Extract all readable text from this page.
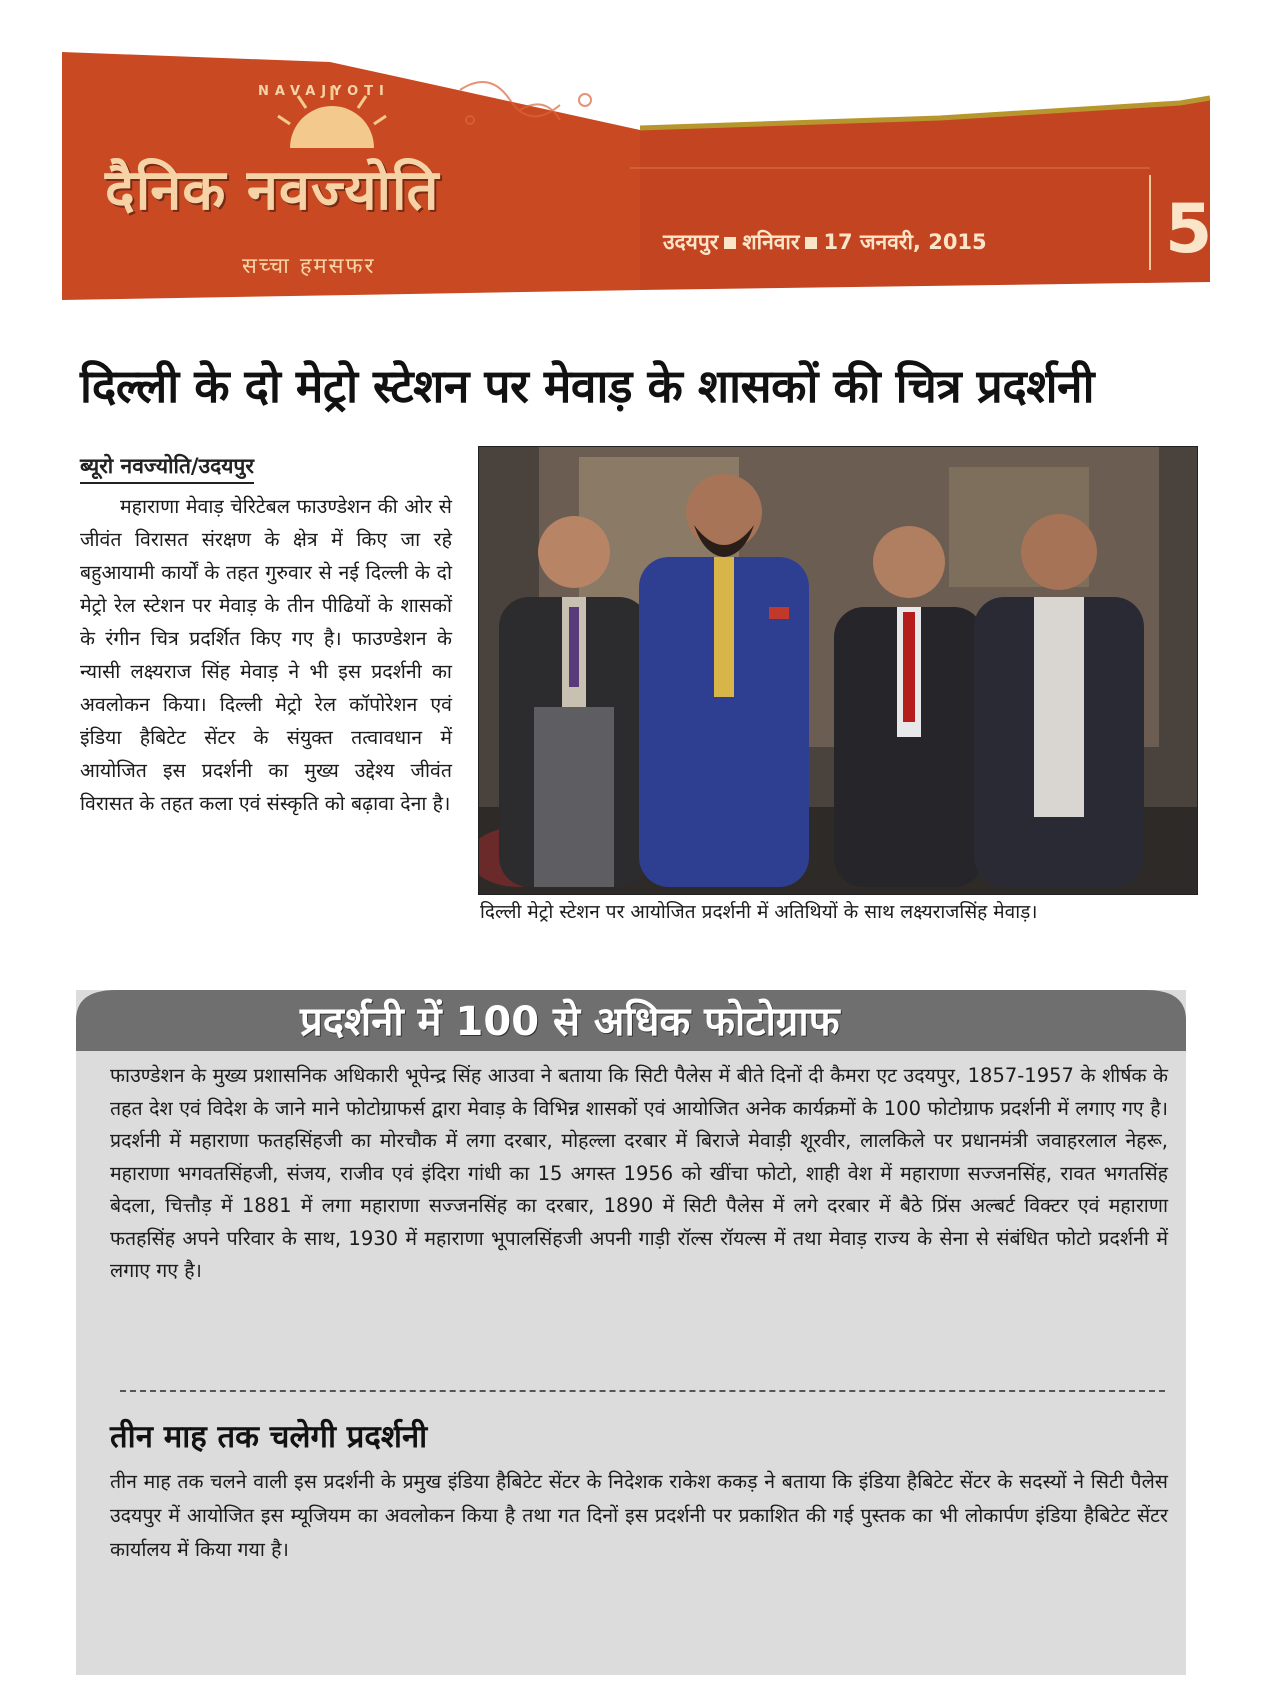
NAVAJYOTI
दैनिक नवज्योति
सच्चा हमसफर
उदयपुर शनिवार 17 जनवरी, 2015	5
दिल्ली के दो मेट्रो स्टेशन पर मेवाड़ के शासकों की चित्र प्रदर्शनी
ब्यूरो नवज्योति/उदयपुर
महाराणा मेवाड़ चेरिटेबल फाउण्डेशन की ओर से जीवंत विरासत संरक्षण के क्षेत्र में किए जा रहे बहुआयामी कार्यों के तहत गुरुवार से नई दिल्ली के दो मेट्रो रेल स्टेशन पर मेवाड़ के तीन पीढियों के शासकों के रंगीन चित्र प्रदर्शित किए गए है। फाउण्डेशन के न्यासी लक्ष्यराज सिंह मेवाड़ ने भी इस प्रदर्शनी का अवलोकन किया। दिल्ली मेट्रो रेल कॉपोरेशन एवं इंडिया हैबिटेट सेंटर के संयुक्त तत्वावधान में आयोजित इस प्रदर्शनी का मुख्य उद्देश्य जीवंत विरासत के तहत कला एवं संस्कृति को बढ़ावा देना है।
दिल्ली मेट्रो स्टेशन पर आयोजित प्रदर्शनी में अतिथियों के साथ लक्ष्यराजसिंह मेवाड़।
प्रदर्शनी में 100 से अधिक फोटोग्राफ
फाउण्डेशन के मुख्य प्रशासनिक अधिकारी भूपेन्द्र सिंह आउवा ने बताया कि सिटी पैलेस में बीते दिनों दी कैमरा एट उदयपुर, 1857-1957 के शीर्षक के तहत देश एवं विदेश के जाने माने फोटोग्राफर्स द्वारा मेवाड़ के विभिन्न शासकों एवं आयोजित अनेक कार्यक्रमों के 100 फोटोग्राफ प्रदर्शनी में लगाए गए है। प्रदर्शनी में महाराणा फतहसिंहजी का मोरचौक में लगा दरबार, मोहल्ला दरबार में बिराजे मेवाड़ी शूरवीर, लालकिले पर प्रधानमंत्री जवाहरलाल नेहरू, महाराणा भगवतसिंहजी, संजय, राजीव एवं इंदिरा गांधी का 15 अगस्त 1956 को खींचा फोटो, शाही वेश में महाराणा सज्जनसिंह, रावत भगतसिंह बेदला, चित्तौड़ में 1881 में लगा महाराणा सज्जनसिंह का दरबार, 1890 में सिटी पैलेस में लगे दरबार में बैठे प्रिंस अल्बर्ट विक्टर एवं महाराणा फतहसिंह अपने परिवार के साथ, 1930 में महाराणा भूपालसिंहजी अपनी गाड़ी रॉल्स रॉयल्स में तथा मेवाड़ राज्य के सेना से संबंधित फोटो प्रदर्शनी में लगाए गए है।
तीन माह तक चलेगी प्रदर्शनी
तीन माह तक चलने वाली इस प्रदर्शनी के प्रमुख इंडिया हैबिटेट सेंटर के निदेशक राकेश ककड़ ने बताया कि इंडिया हैबिटेट सेंटर के सदस्यों ने सिटी पैलेस उदयपुर में आयोजित इस म्यूजियम का अवलोकन किया है तथा गत दिनों इस प्रदर्शनी पर प्रकाशित की गई पुस्तक का भी लोकार्पण इंडिया हैबिटेट सेंटर कार्यालय में किया गया है।
